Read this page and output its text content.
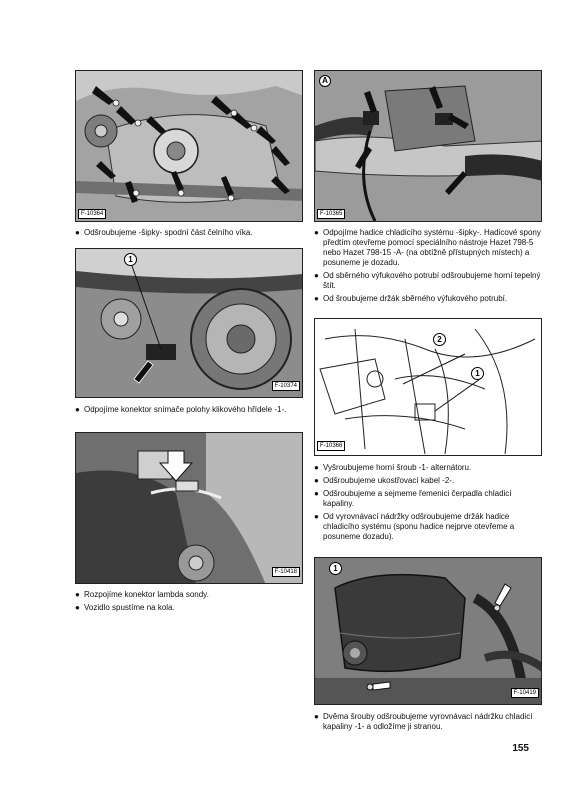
F-10364
A
F-10365
1
F-10374
2
1
F-10366
F-10418	1
F-10419
● Odšroubujeme -šipky- spodní část čelního víka.	● Odpojíme hadice chladicího systému -šipky-. Hadicové spony předtím otevřeme pomocí speciálního nástroje Hazet 798-5 nebo Hazet 798-15 -A- (na obtížně přístupných místech) a posuneme je dozadu.
● Od sběrného výfukového potrubí odšroubujeme horní tepelný štít.
● Od šroubujeme držák sběrného výfukového potrubí.
● Odpojíme konektor snímače polohy klikového hřídele -1-.
● Vyšroubujeme horní šroub -1- alternátoru.
● Odšroubujeme ukostřovací kabel -2-.
● Odšroubujeme a sejmeme řemenici čerpadla chladicí kapaliny.
● Od vyrovnávací nádržky odšroubujeme držák hadice chladicího systému (sponu hadice nejprve otevřeme a posuneme dozadu).
● Rozpojíme konektor lambda sondy.
● Vozidlo spustíme na kola.
● Dvěma šrouby odšroubujeme vyrovnávací nádržku chladicí kapaliny -1- a odložíme ji stranou.
155
